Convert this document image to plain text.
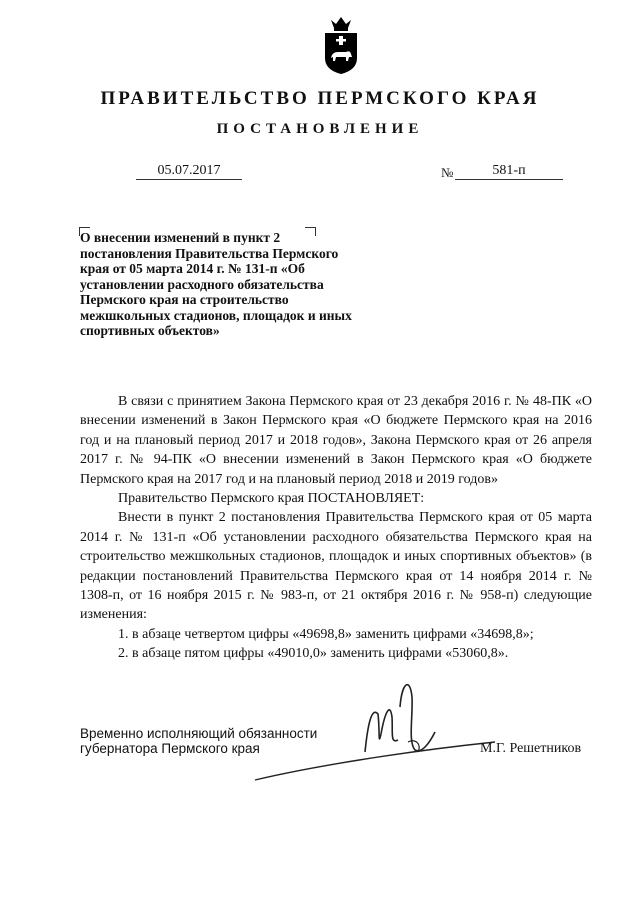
ПРАВИТЕЛЬСТВО ПЕРМСКОГО КРАЯ
ПОСТАНОВЛЕНИЕ
05.07.2017	№	581-п
О внесении изменений в пункт 2 постановления Правительства Пермского края от 05 марта 2014 г. № 131-п «Об установлении расходного обязательства Пермского края на строительство межшкольных стадионов, площадок и иных спортивных объектов»

В связи с принятием Закона Пермского края от 23 декабря 2016 г. № 48-ПК «О внесении изменений в Закон Пермского края «О бюджете Пермского края на 2016 год и на плановый период 2017 и 2018 годов», Закона Пермского края от 26 апреля 2017 г. № 94-ПК «О внесении изменений в Закон Пермского края «О бюджете Пермского края на 2017 год и на плановый период 2018 и 2019 годов»

Правительство Пермского края ПОСТАНОВЛЯЕТ:

Внести в пункт 2 постановления Правительства Пермского края от 05 марта 2014 г. № 131-п «Об установлении расходного обязательства Пермского края на строительство межшкольных стадионов, площадок и иных спортивных объектов» (в редакции постановлений Правительства Пермского края от 14 ноября 2014 г. № 1308-п, от 16 ноября 2015 г. № 983-п, от 21 октября 2016 г. № 958-п) следующие изменения:

1. в абзаце четвертом цифры «49698,8» заменить цифрами «34698,8»;

2. в абзаце пятом цифры «49010,0» заменить цифрами «53060,8».

Временно исполняющий обязанности
губернатора Пермского края	М.Г. Решетников
